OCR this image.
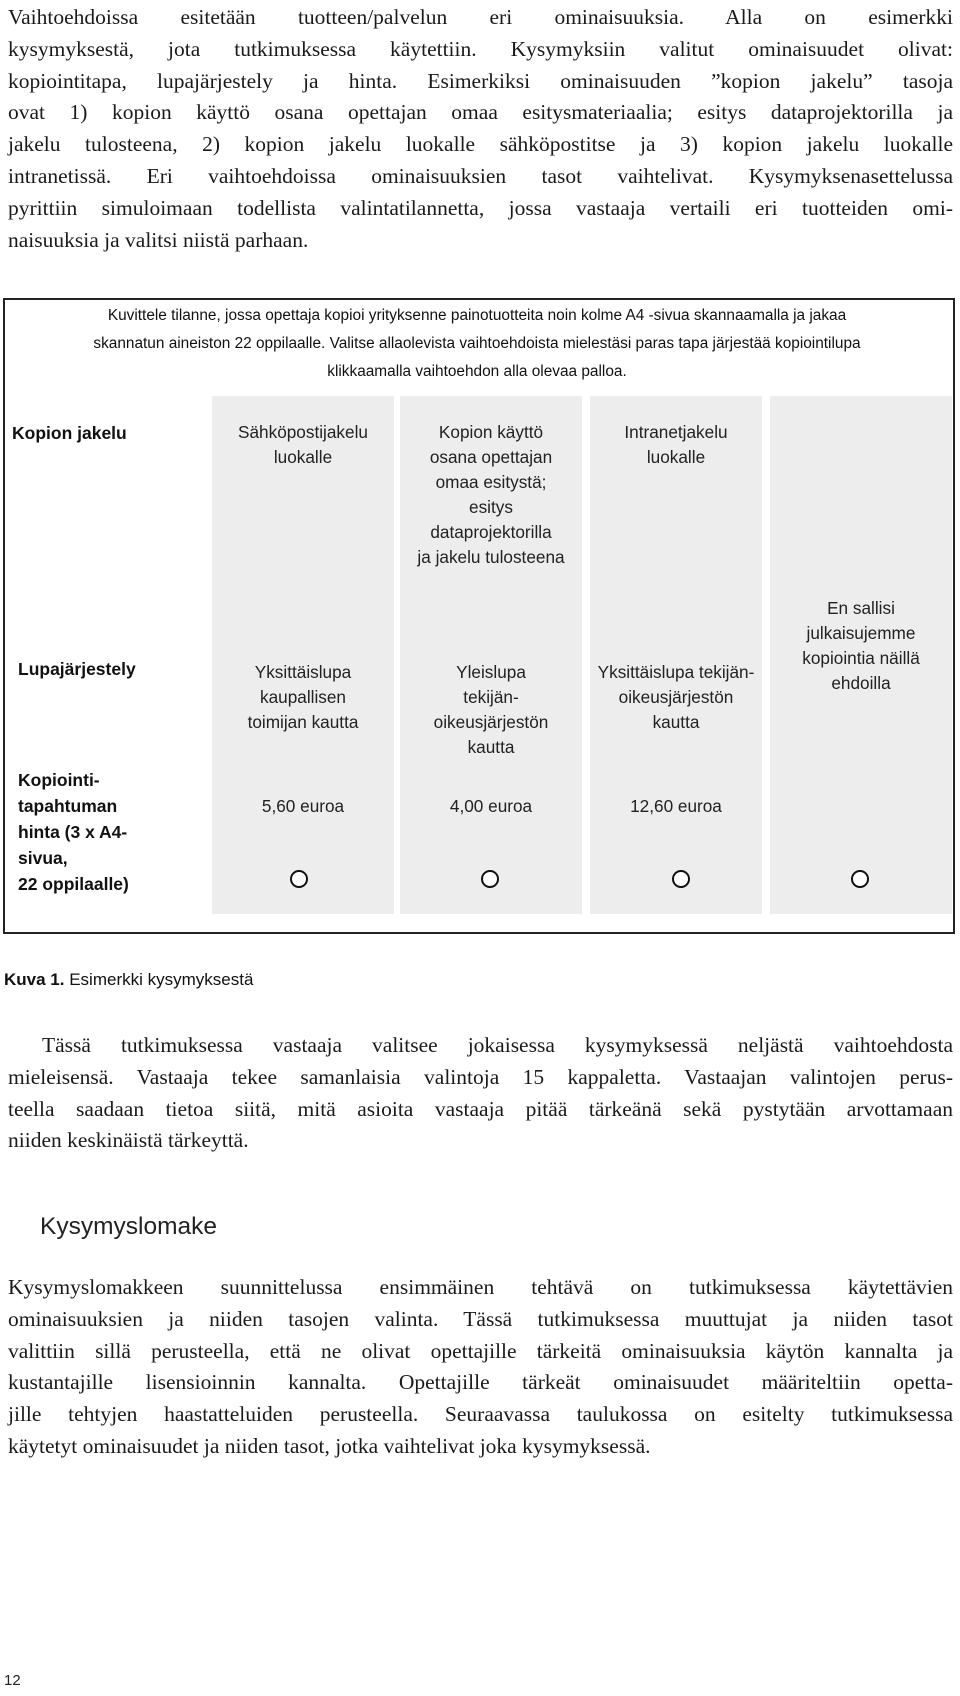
Vaihtoehdoissa esitetään tuotteen/palvelun eri ominaisuuksia. Alla on esimerkki
kysymyksestä, jota tutkimuksessa käytettiin. Kysymyksiin valitut ominaisuudet olivat:
kopiointitapa, lupajärjestely ja hinta. Esimerkiksi ominaisuuden ”kopion jakelu” tasoja
ovat 1) kopion käyttö osana opettajan omaa esitysmateriaalia; esitys dataprojektorilla ja
jakelu tulosteena, 2) kopion jakelu luokalle sähköpostitse ja 3) kopion jakelu luokalle
intranetissä. Eri vaihtoehdoissa ominaisuuksien tasot vaihtelivat. Kysymyksenasettelussa
pyrittiin simuloimaan todellista valintatilannetta, jossa vastaaja vertaili eri tuotteiden omi-
naisuuksia ja valitsi niistä parhaan.
Kuvittele tilanne, jossa opettaja kopioi yrityksenne painotuotteita noin kolme A4 -sivua skannaamalla ja jakaa
skannatun aineiston 22 oppilaalle. Valitse allaolevista vaihtoehdoista mielestäsi paras tapa järjestää kopiointilupa
klikkaamalla vaihtoehdon alla olevaa palloa.
Kopion jakelu
Lupajärjestely
Kopiointi-
tapahtuman
hinta (3 x A4-
sivua,
22 oppilaalle)
Sähköpostijakelu
luokalle
Kopion käyttö
osana opettajan
omaa esitystä;
esitys
dataprojektorilla
ja jakelu tulosteena
Intranetjakelu
luokalle
En sallisi
julkaisujemme
kopiointia näillä
ehdoilla
Yksittäislupa
kaupallisen
toimijan kautta
Yleislupa
tekijän-
oikeusjärjestön
kautta
Yksittäislupa tekijän-
oikeusjärjestön
kautta
5,60 euroa	4,00 euroa	12,60 euroa
Kuva 1. Esimerkki kysymyksestä
Tässä tutkimuksessa vastaaja valitsee jokaisessa kysymyksessä neljästä vaihtoehdosta
mieleisensä. Vastaaja tekee samanlaisia valintoja 15 kappaletta. Vastaajan valintojen perus-
teella saadaan tietoa siitä, mitä asioita vastaaja pitää tärkeänä sekä pystytään arvottamaan
niiden keskinäistä tärkeyttä.
Kysymyslomake
Kysymyslomakkeen suunnittelussa ensimmäinen tehtävä on tutkimuksessa käytettävien
ominaisuuksien ja niiden tasojen valinta. Tässä tutkimuksessa muuttujat ja niiden tasot
valittiin sillä perusteella, että ne olivat opettajille tärkeitä ominaisuuksia käytön kannalta ja
kustantajille lisensioinnin kannalta. Opettajille tärkeät ominaisuudet määriteltiin opetta-
jille tehtyjen haastatteluiden perusteella. Seuraavassa taulukossa on esitelty tutkimuksessa
käytetyt ominaisuudet ja niiden tasot, jotka vaihtelivat joka kysymyksessä.
12
